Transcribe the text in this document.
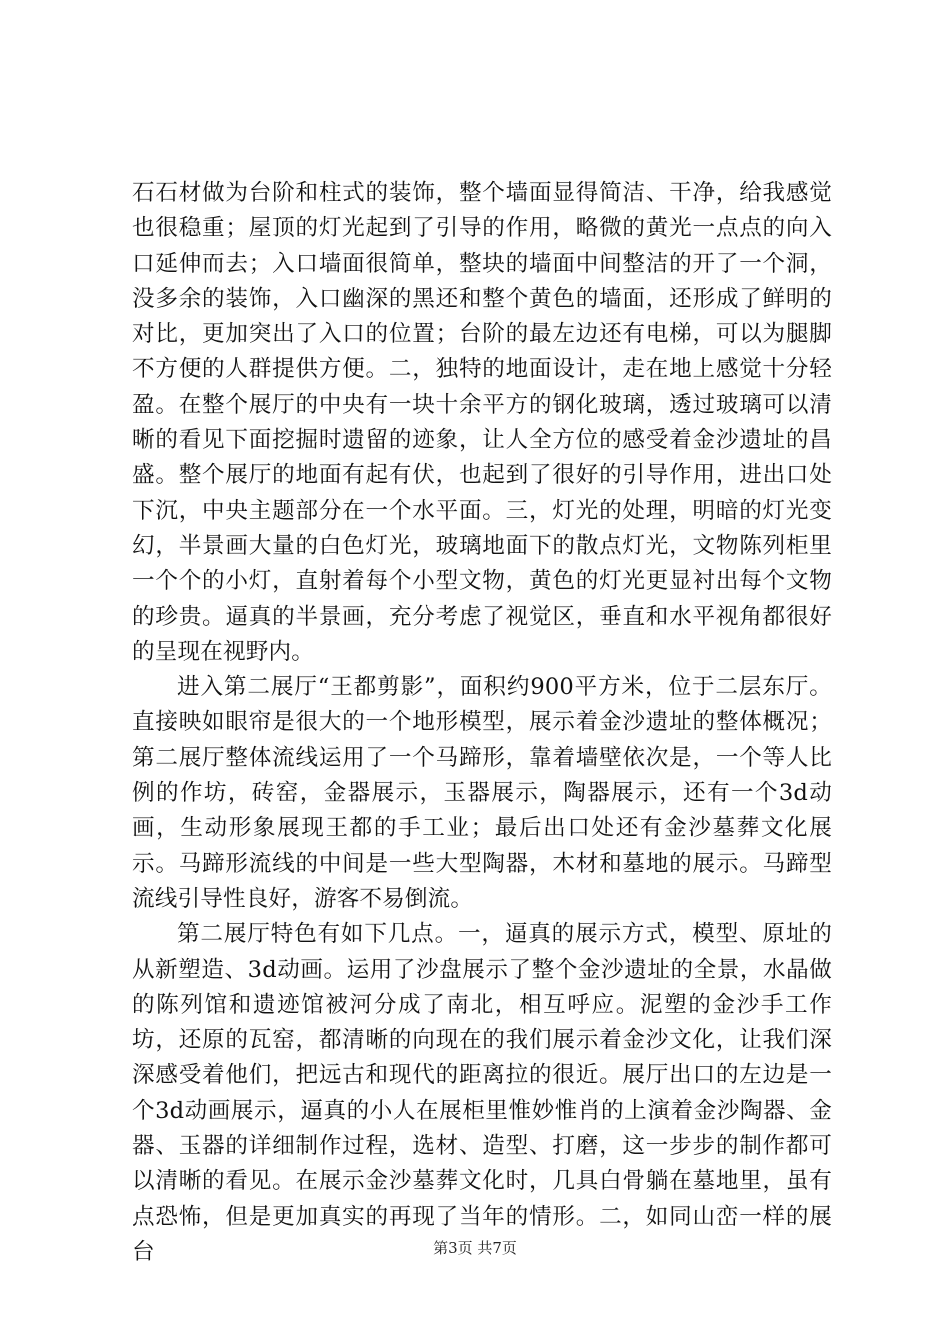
石石材做为台阶和柱式的装饰，整个墙面显得简洁、干净，给我感觉也很稳重；屋顶的灯光起到了引导的作用，略微的黄光一点点的向入口延伸而去；入口墙面很简单，整块的墙面中间整洁的开了一个洞，没多余的装饰，入口幽深的黑还和整个黄色的墙面，还形成了鲜明的对比，更加突出了入口的位置；台阶的最左边还有电梯，可以为腿脚不方便的人群提供方便。二，独特的地面设计，走在地上感觉十分轻盈。在整个展厅的中央有一块十余平方的钢化玻璃，透过玻璃可以清晰的看见下面挖掘时遗留的迹象，让人全方位的感受着金沙遗址的昌盛。整个展厅的地面有起有伏，也起到了很好的引导作用，进出口处下沉，中央主题部分在一个水平面。三，灯光的处理，明暗的灯光变幻，半景画大量的白色灯光，玻璃地面下的散点灯光，文物陈列柜里一个个的小灯，直射着每个小型文物，黄色的灯光更显衬出每个文物的珍贵。逼真的半景画，充分考虑了视觉区，垂直和水平视角都很好的呈现在视野内。

进入第二展厅“王都剪影”，面积约900平方米，位于二层东厅。直接映如眼帘是很大的一个地形模型，展示着金沙遗址的整体概况；第二展厅整体流线运用了一个马蹄形，靠着墙壁依次是，一个等人比例的作坊，砖窑，金器展示，玉器展示，陶器展示，还有一个3d动画，生动形象展现王都的手工业；最后出口处还有金沙墓葬文化展示。马蹄形流线的中间是一些大型陶器，木材和墓地的展示。马蹄型流线引导性良好，游客不易倒流。

第二展厅特色有如下几点。一，逼真的展示方式，模型、原址的从新塑造、3d动画。运用了沙盘展示了整个金沙遗址的全景，水晶做的陈列馆和遗迹馆被河分成了南北，相互呼应。泥塑的金沙手工作坊，还原的瓦窑，都清晰的向现在的我们展示着金沙文化，让我们深深感受着他们，把远古和现代的距离拉的很近。展厅出口的左边是一个3d动画展示，逼真的小人在展柜里惟妙惟肖的上演着金沙陶器、金器、玉器的详细制作过程，选材、造型、打磨，这一步步的制作都可以清晰的看见。在展示金沙墓葬文化时，几具白骨躺在墓地里，虽有点恐怖，但是更加真实的再现了当年的情形。二，如同山峦一样的展台	第3页 共7页
